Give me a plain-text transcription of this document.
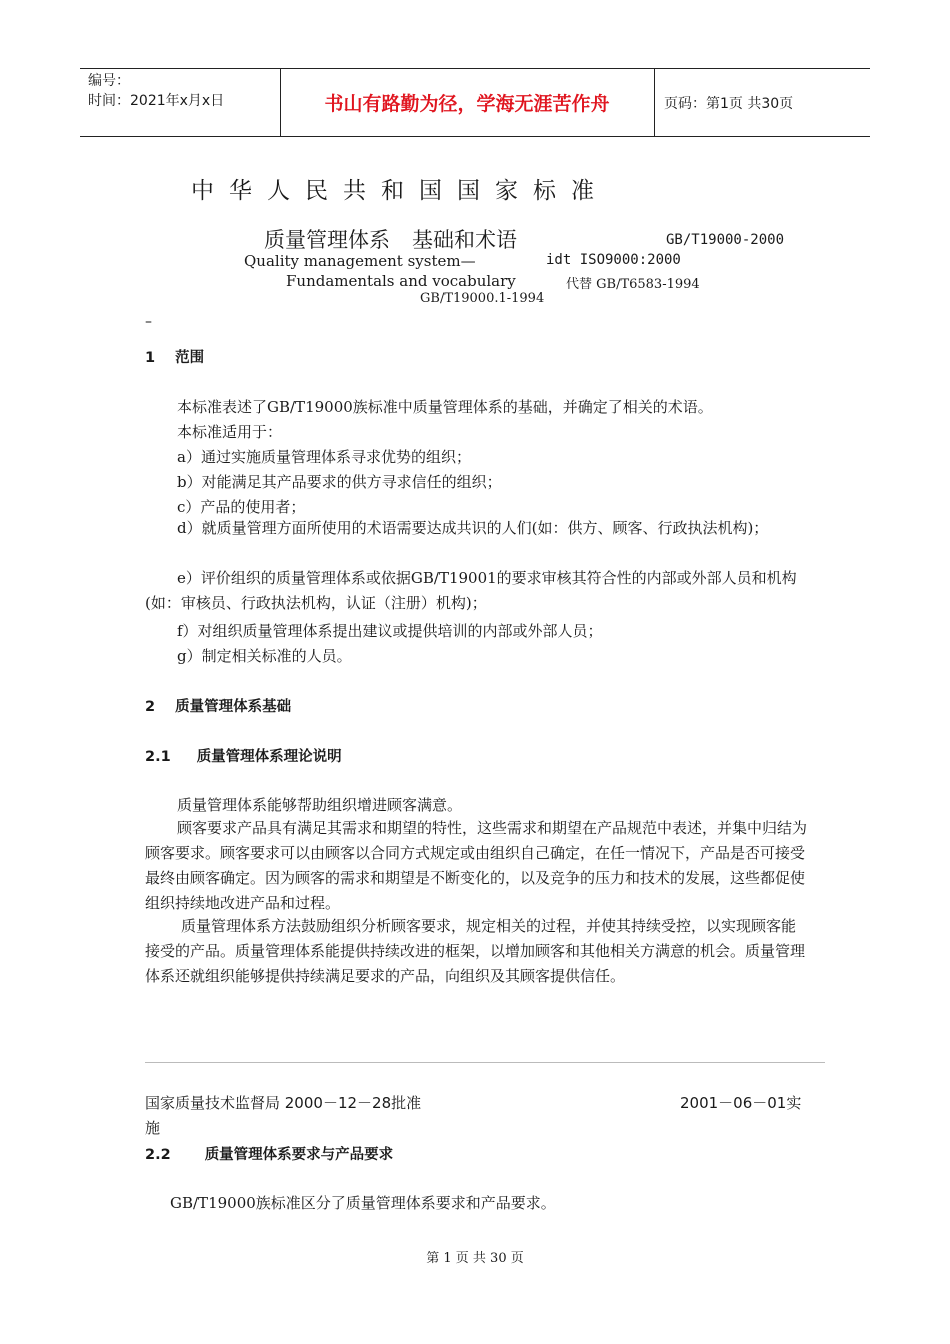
编号：
时间：2021年x月x日	书山有路勤为径，学海无涯苦作舟	页码：第1页 共30页
中华人民共和国国家标准
质量管理体系 基础和术语	GB/T19000-2000
Quality management system—	idt ISO9000:2000
Fundamentals and vocabulary	代替 GB/T6583-1994
GB/T19000.1-1994
–
1 范围
本标准表述了GB/T19000族标准中质量管理体系的基础，并确定了相关的术语。
本标准适用于：
a）通过实施质量管理体系寻求优势的组织；
b）对能满足其产品要求的供方寻求信任的组织；
c）产品的使用者；
d）就质量管理方面所使用的术语需要达成共识的人们(如：供方、顾客、行政执法机构)；
e）评价组织的质量管理体系或依据GB/T19001的要求审核其符合性的内部或外部人员和机构(如：审核员、行政执法机构，认证（注册）机构)；
f）对组织质量管理体系提出建议或提供培训的内部或外部人员；
g）制定相关标准的人员。
2 质量管理体系基础
2.1 质量管理体系理论说明
质量管理体系能够帮助组织增进顾客满意。
顾客要求产品具有满足其需求和期望的特性，这些需求和期望在产品规范中表述，并集中归结为顾客要求。顾客要求可以由顾客以合同方式规定或由组织自己确定，在任一情况下，产品是否可接受最终由顾客确定。因为顾客的需求和期望是不断变化的，以及竞争的压力和技术的发展，这些都促使组织持续地改进产品和过程。
质量管理体系方法鼓励组织分析顾客要求，规定相关的过程，并使其持续受控，以实现顾客能接受的产品。质量管理体系能提供持续改进的框架，以增加顾客和其他相关方满意的机会。质量管理体系还就组织能够提供持续满足要求的产品，向组织及其顾客提供信任。
国家质量技术监督局 2000－12－28批准	2001－06－01实
施
2.2 质量管理体系要求与产品要求
GB/T19000族标准区分了质量管理体系要求和产品要求。
第 1 页 共 30 页
